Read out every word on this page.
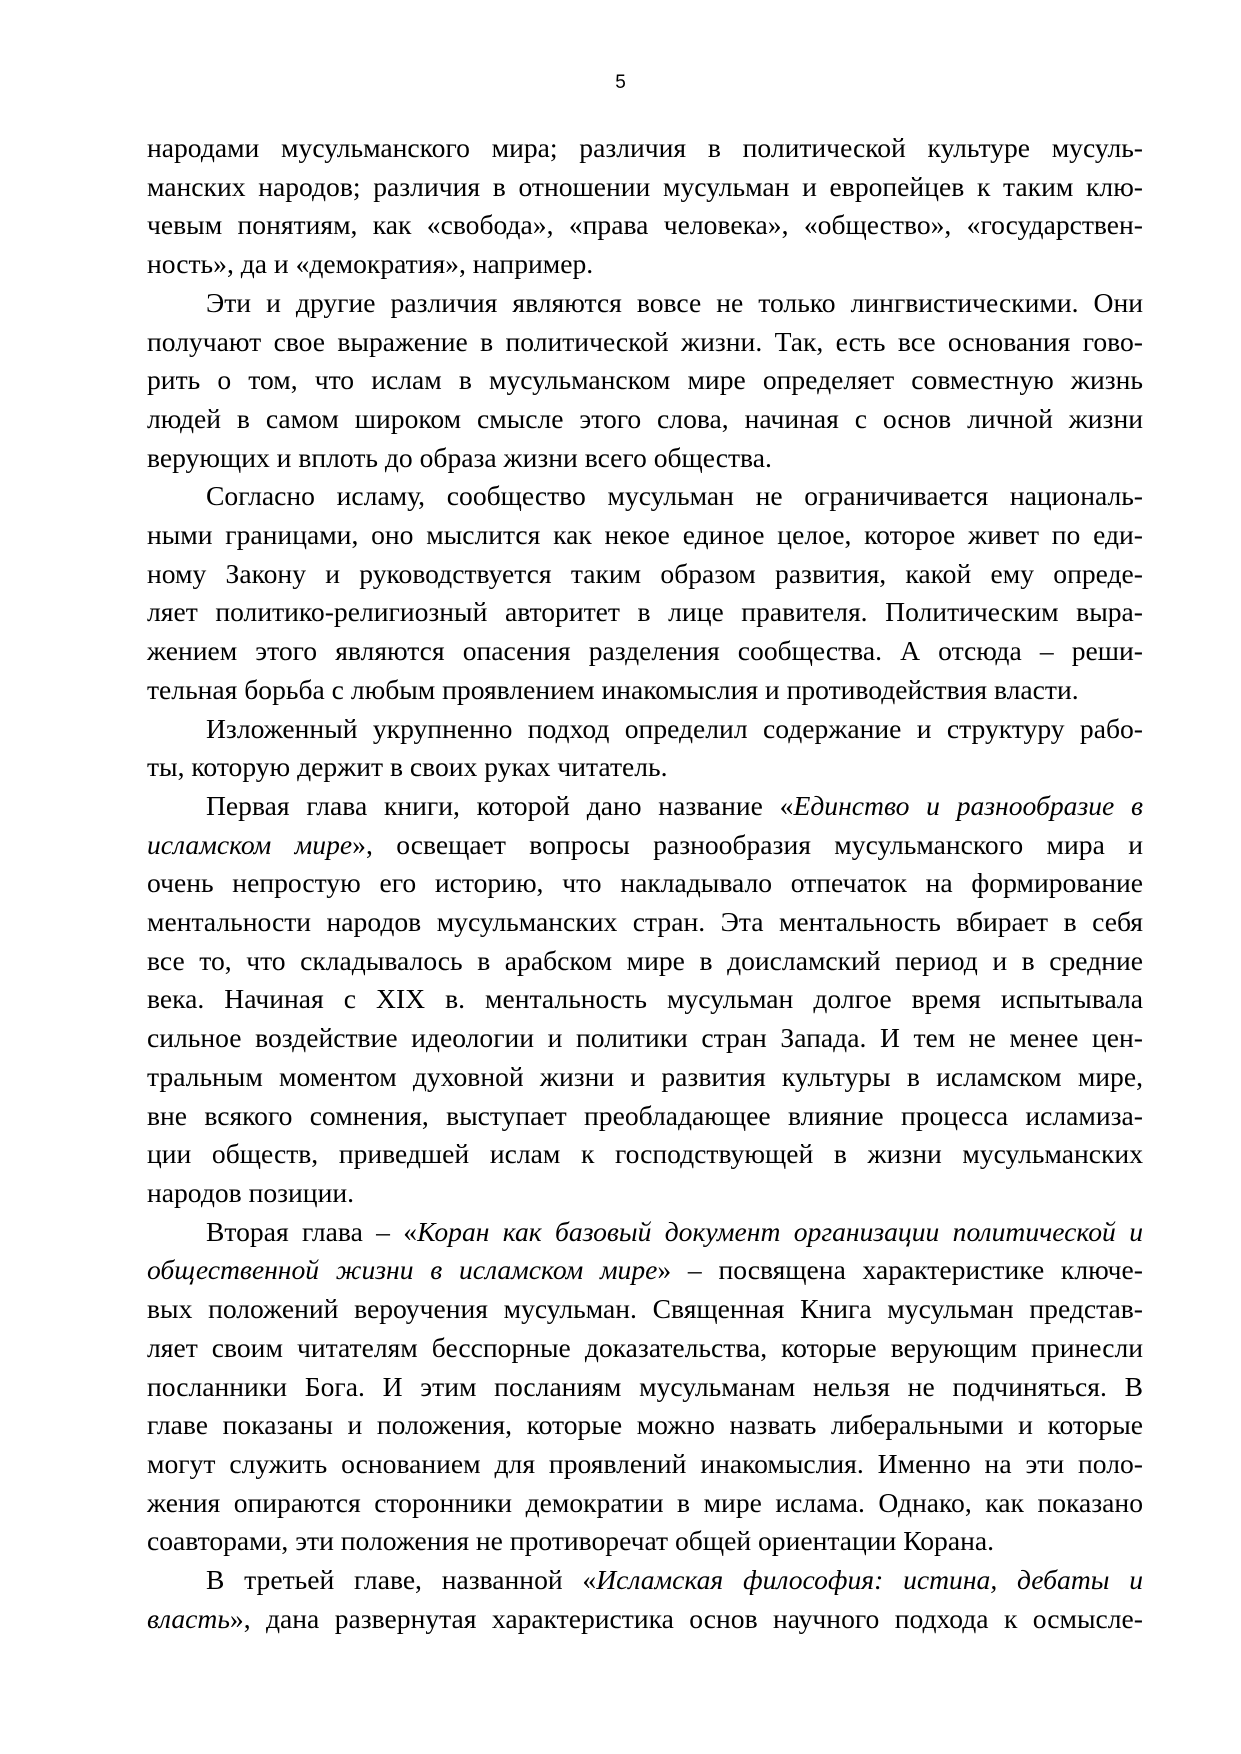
5
народами мусульманского мира; различия в политической культуре мусуль-
манских народов; различия в отношении мусульман и европейцев к таким клю-
чевым понятиям, как «свобода», «права человека», «общество», «государствен-
ность», да и «демократия», например.
Эти и другие различия являются вовсе не только лингвистическими. Они
получают свое выражение в политической жизни. Так, есть все основания гово-
рить о том, что ислам в мусульманском мире определяет совместную жизнь
людей в самом широком смысле этого слова, начиная с основ личной жизни
верующих и вплоть до образа жизни всего общества.
Согласно исламу, сообщество мусульман не ограничивается националь-
ными границами, оно мыслится как некое единое целое, которое живет по еди-
ному Закону и руководствуется таким образом развития, какой ему опреде-
ляет политико-религиозный авторитет в лице правителя. Политическим выра-
жением этого являются опасения разделения сообщества. А отсюда – реши-
тельная борьба с любым проявлением инакомыслия и противодействия власти.
Изложенный укрупненно подход определил содержание и структуру рабо-
ты, которую держит в своих руках читатель.
Первая глава книги, которой дано название «Единство и разнообразие в
исламском мире», освещает вопросы разнообразия мусульманского мира и
очень непростую его историю, что накладывало отпечаток на формирование
ментальности народов мусульманских стран. Эта ментальность вбирает в себя
все то, что складывалось в арабском мире в доисламский период и в средние
века. Начиная с XIX в. ментальность мусульман долгое время испытывала
сильное воздействие идеологии и политики стран Запада. И тем не менее цен-
тральным моментом духовной жизни и развития культуры в исламском мире,
вне всякого сомнения, выступает преобладающее влияние процесса исламиза-
ции обществ, приведшей ислам к господствующей в жизни мусульманских
народов позиции.
Вторая глава – «Коран как базовый документ организации политической и
общественной жизни в исламском мире» – посвящена характеристике ключе-
вых положений вероучения мусульман. Священная Книга мусульман представ-
ляет своим читателям бесспорные доказательства, которые верующим принесли
посланники Бога. И этим посланиям мусульманам нельзя не подчиняться. В
главе показаны и положения, которые можно назвать либеральными и которые
могут служить основанием для проявлений инакомыслия. Именно на эти поло-
жения опираются сторонники демократии в мире ислама. Однако, как показано
соавторами, эти положения не противоречат общей ориентации Корана.
В третьей главе, названной «Исламская философия: истина, дебаты и
власть», дана развернутая характеристика основ научного подхода к осмысле-
